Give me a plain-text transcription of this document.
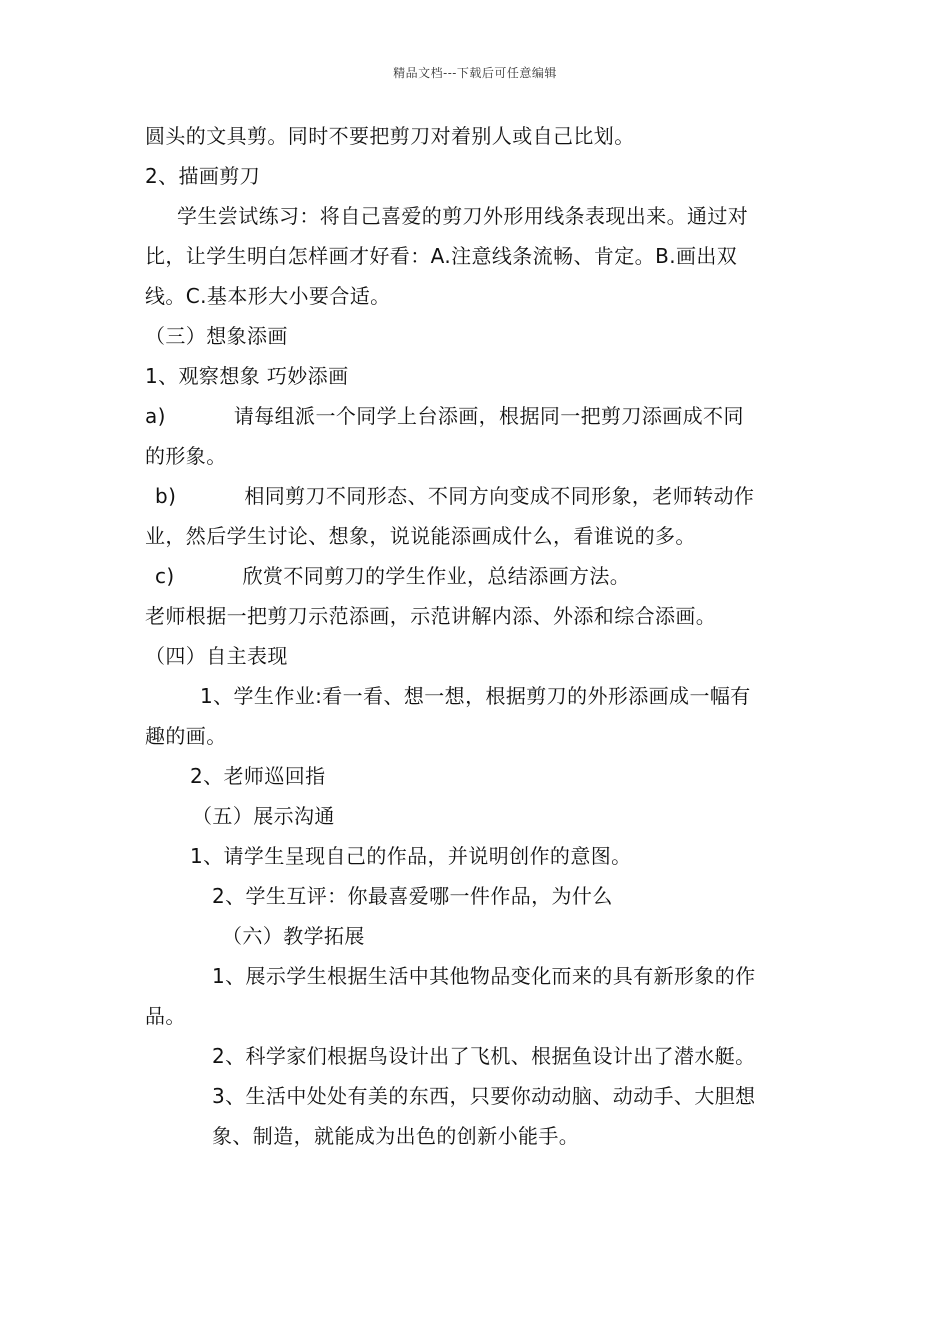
精品文档---下载后可任意编辑
圆头的文具剪。同时不要把剪刀对着别人或自己比划。
2、描画剪刀
学生尝试练习：将自己喜爱的剪刀外形用线条表现出来。通过对
比，让学生明白怎样画才好看：A.注意线条流畅、肯定。B.画出双
线。C.基本形大小要合适。
（三）想象添画
1、观察想象 巧妙添画
a)	请每组派一个同学上台添画，根据同一把剪刀添画成不同
的形象。
b)	相同剪刀不同形态、不同方向变成不同形象，老师转动作
业，然后学生讨论、想象，说说能添画成什么，看谁说的多。
c)	欣赏不同剪刀的学生作业，总结添画方法。
老师根据一把剪刀示范添画，示范讲解内添、外添和综合添画。
（四）自主表现
1、学生作业:看一看、想一想，根据剪刀的外形添画成一幅有
趣的画。
2、老师巡回指
（五）展示沟通
1、请学生呈现自己的作品，并说明创作的意图。
2、学生互评：你最喜爱哪一件作品，为什么
（六）教学拓展
1、展示学生根据生活中其他物品变化而来的具有新形象的作
品。
2、科学家们根据鸟设计出了飞机、根据鱼设计出了潜水艇。
3、生活中处处有美的东西，只要你动动脑、动动手、大胆想
象、制造，就能成为出色的创新小能手。
